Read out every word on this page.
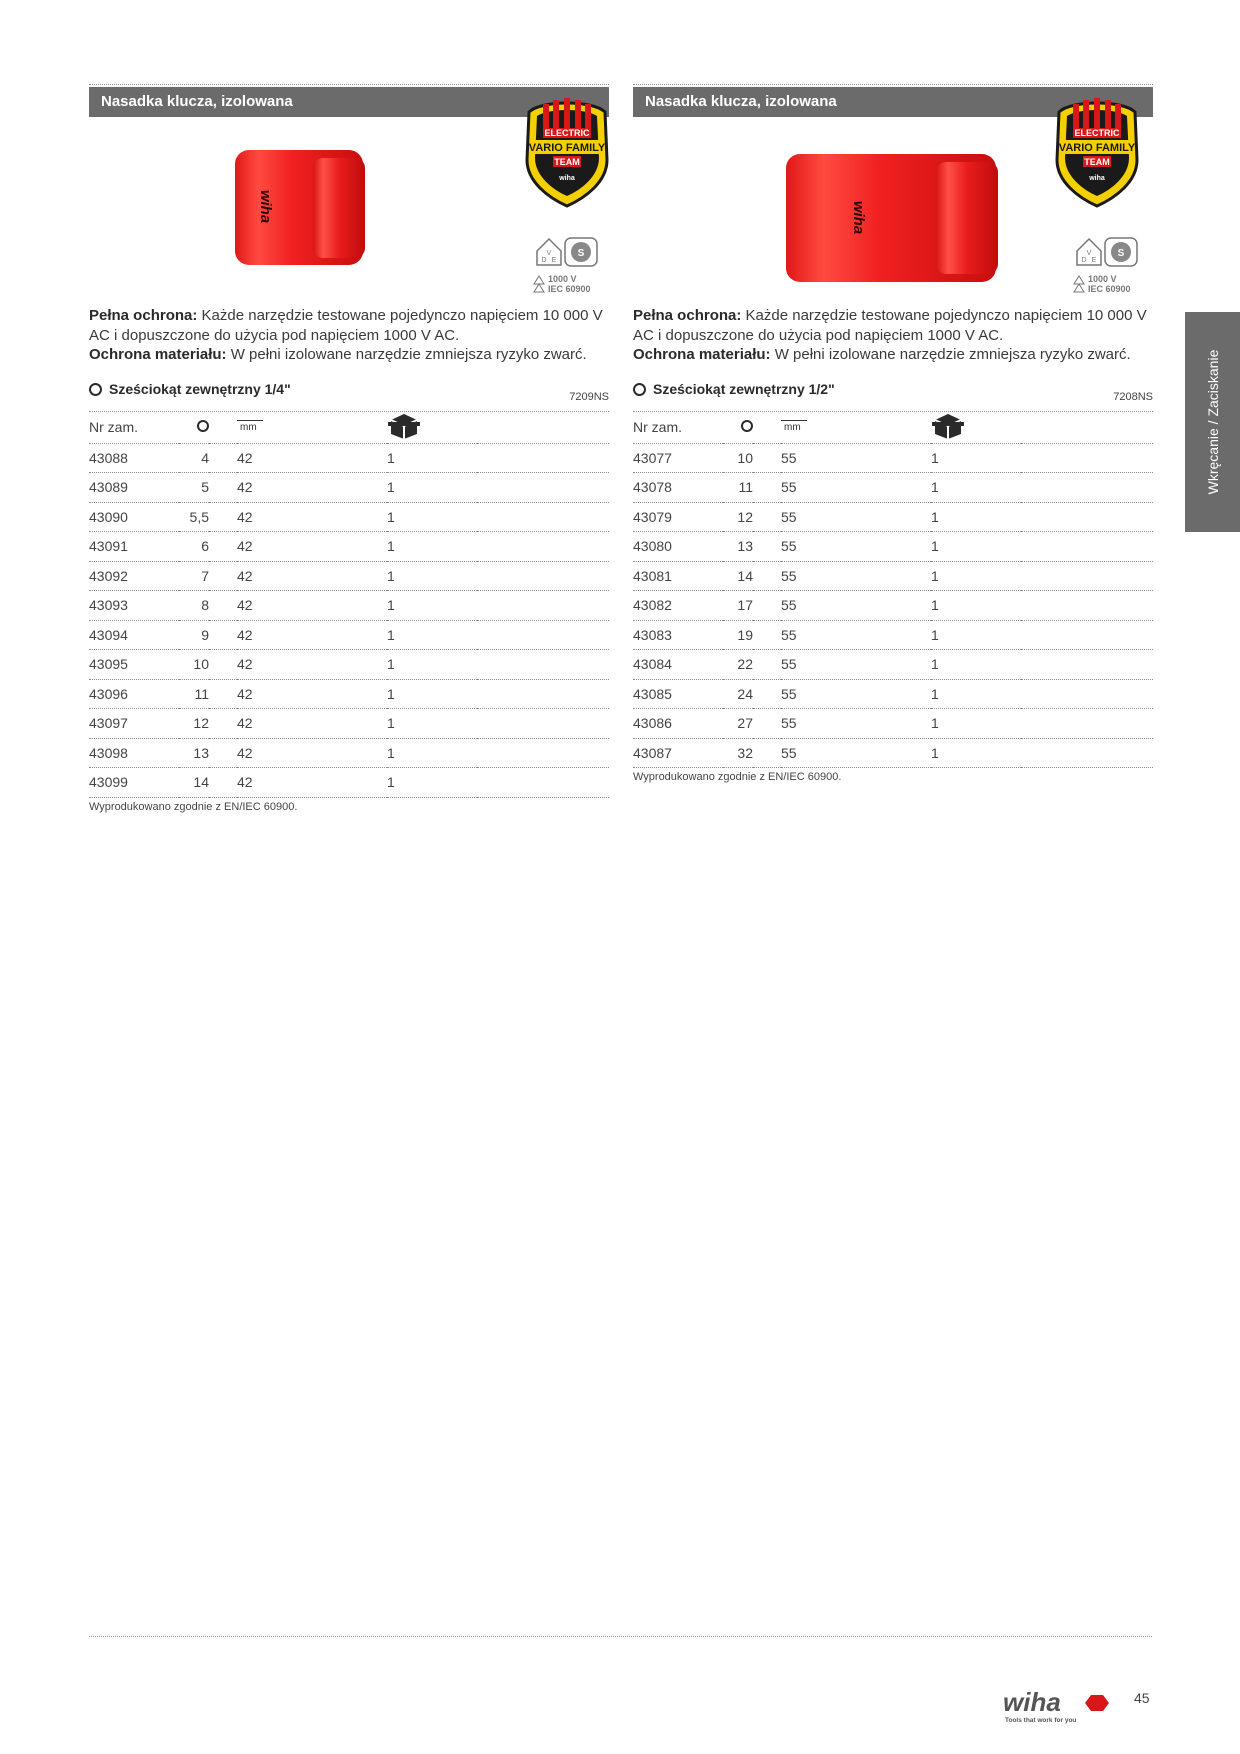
Nasadka klucza, izolowana
wiha
ELECTRIC
VARIO FAMILY
TEAM
wiha
V
D E
S
1000 V
IEC 60900
Pełna ochrona: Każde narzędzie testowane pojedynczo napięciem 10 000 V AC i dopuszczone do użycia pod napięciem 1000 V AC.
Ochrona materiału: W pełni izolowane narzędzie zmniejsza ryzyko zwarć.
Sześciokąt zewnętrzny 1/4"	7209NS
Nr zam.			mm

43088	4		42	1	
43089	5		42	1	
43090	5,5		42	1	
43091	6		42	1	
43092	7		42	1	
43093	8		42	1	
43094	9		42	1	
43095	10		42	1	
43096	11		42	1	
43097	12		42	1	
43098	13		42	1	
43099	14		42	1	
Wyprodukowano zgodnie z EN/IEC 60900.
Nasadka klucza, izolowana
wiha
ELECTRIC
VARIO FAMILY
TEAM
wiha
V
D E
S
1000 V
IEC 60900
Pełna ochrona: Każde narzędzie testowane pojedynczo napięciem 10 000 V AC i dopuszczone do użycia pod napięciem 1000 V AC.
Ochrona materiału: W pełni izolowane narzędzie zmniejsza ryzyko zwarć.
Sześciokąt zewnętrzny 1/2"	7208NS
Nr zam.			mm

43077	10		55	1	
43078	11		55	1	
43079	12		55	1	
43080	13		55	1	
43081	14		55	1	
43082	17		55	1	
43083	19		55	1	
43084	22		55	1	
43085	24		55	1	
43086	27		55	1	
43087	32		55	1	
Wyprodukowano zgodnie z EN/IEC 60900.
Wkręcanie / Zaciskanie
wiha
Tools that work for you
45
